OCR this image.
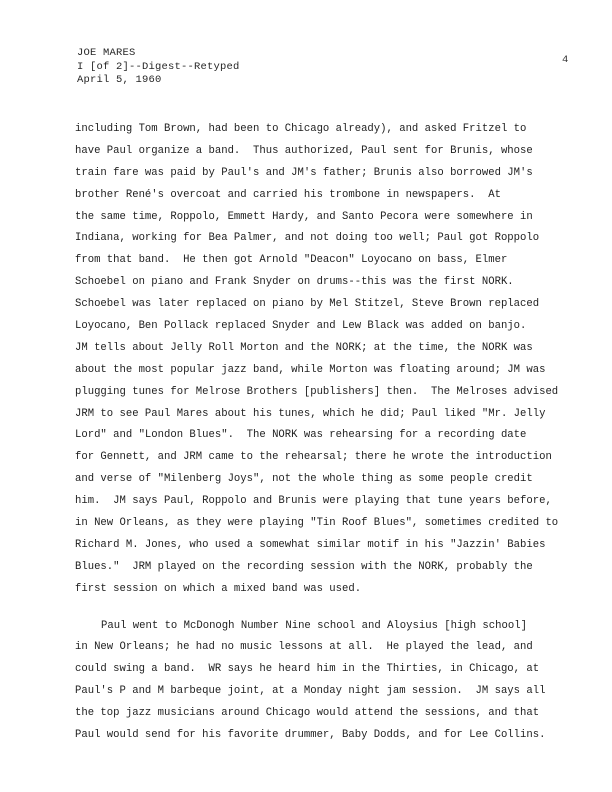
JOE MARES
I [of 2]--Digest--Retyped
April 5, 1960
4
including Tom Brown, had been to Chicago already), and asked Fritzel to
have Paul organize a band.  Thus authorized, Paul sent for Brunis, whose
train fare was paid by Paul's and JM's father; Brunis also borrowed JM's
brother René's overcoat and carried his trombone in newspapers.  At
the same time, Roppolo, Emmett Hardy, and Santo Pecora were somewhere in
Indiana, working for Bea Palmer, and not doing too well; Paul got Roppolo
from that band.  He then got Arnold "Deacon" Loyocano on bass, Elmer
Schoebel on piano and Frank Snyder on drums--this was the first NORK.
Schoebel was later replaced on piano by Mel Stitzel, Steve Brown replaced
Loyocano, Ben Pollack replaced Snyder and Lew Black was added on banjo.
JM tells about Jelly Roll Morton and the NORK; at the time, the NORK was
about the most popular jazz band, while Morton was floating around; JM was
plugging tunes for Melrose Brothers [publishers] then.  The Melroses advised
JRM to see Paul Mares about his tunes, which he did; Paul liked "Mr. Jelly
Lord" and "London Blues".  The NORK was rehearsing for a recording date
for Gennett, and JRM came to the rehearsal; there he wrote the introduction
and verse of "Milenberg Joys", not the whole thing as some people credit
him.  JM says Paul, Roppolo and Brunis were playing that tune years before,
in New Orleans, as they were playing "Tin Roof Blues", sometimes credited to
Richard M. Jones, who used a somewhat similar motif in his "Jazzin' Babies
Blues."  JRM played on the recording session with the NORK, probably the
first session on which a mixed band was used.
Paul went to McDonogh Number Nine school and Aloysius [high school]
in New Orleans; he had no music lessons at all.  He played the lead, and
could swing a band.  WR says he heard him in the Thirties, in Chicago, at
Paul's P and M barbeque joint, at a Monday night jam session.  JM says all
the top jazz musicians around Chicago would attend the sessions, and that
Paul would send for his favorite drummer, Baby Dodds, and for Lee Collins.
